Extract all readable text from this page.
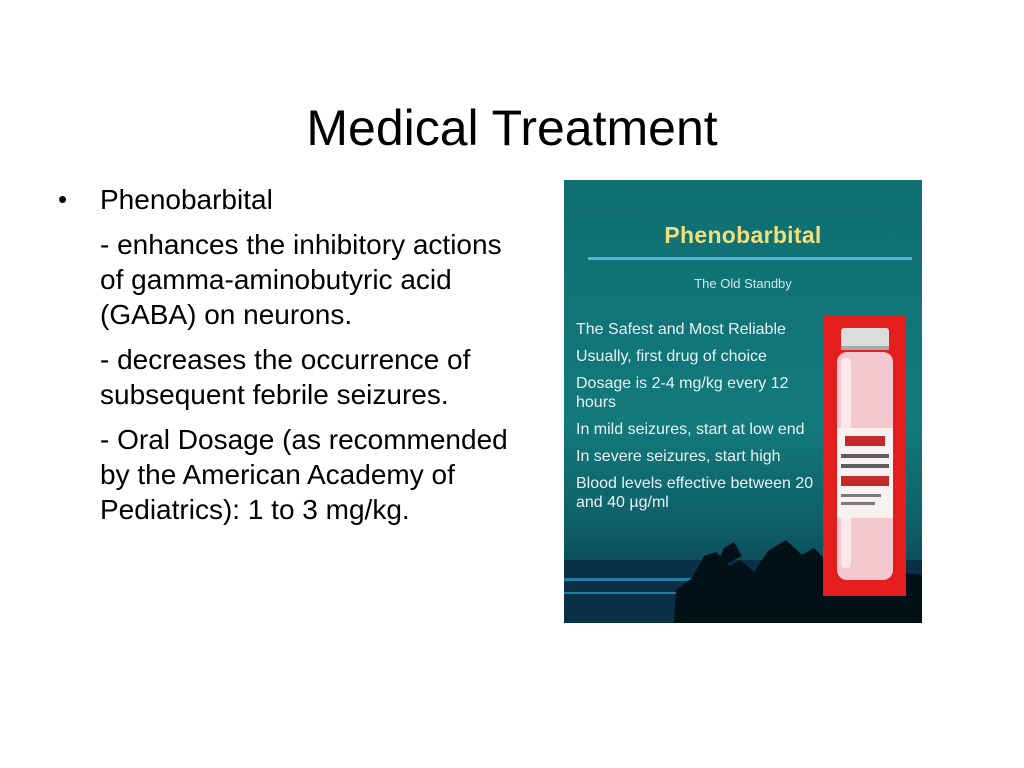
Medical Treatment
•	Phenobarbital
- enhances the inhibitory actions of gamma-aminobutyric acid (GABA) on neurons.
- decreases the occurrence of subsequent febrile seizures.
- Oral Dosage (as recommended by the American Academy of Pediatrics): 1 to 3 mg/kg.
Phenobarbital
The Old Standby
The Safest and Most Reliable
Usually, first drug of choice
Dosage is 2-4 mg/kg every 12 hours
In mild seizures, start at low end
In severe seizures, start high
Blood levels effective between 20 and 40 µg/ml
